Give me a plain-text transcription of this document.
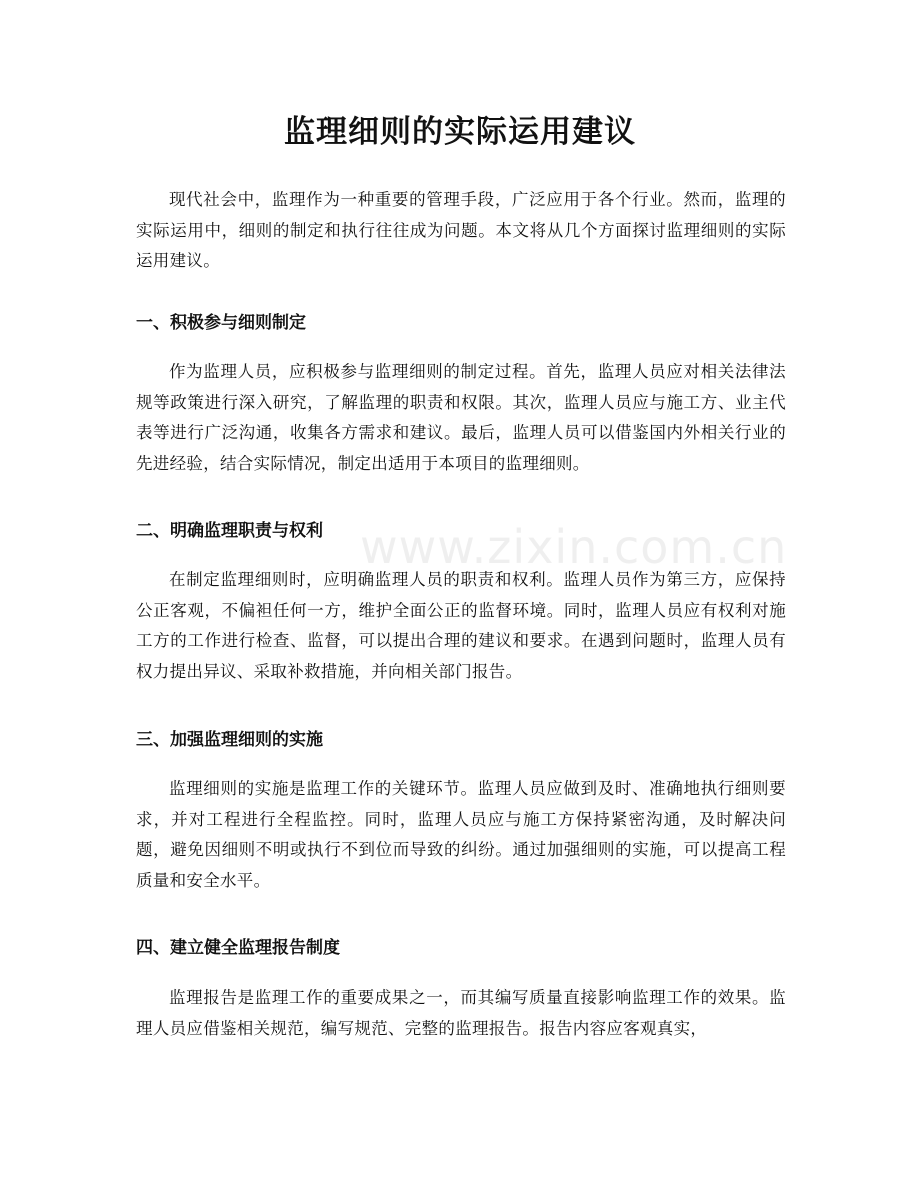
监理细则的实际运用建议
现代社会中，监理作为一种重要的管理手段，广泛应用于各个行业。然而，监理的实际运用中，细则的制定和执行往往成为问题。本文将从几个方面探讨监理细则的实际运用建议。
一、积极参与细则制定
作为监理人员，应积极参与监理细则的制定过程。首先，监理人员应对相关法律法规等政策进行深入研究，了解监理的职责和权限。其次，监理人员应与施工方、业主代表等进行广泛沟通，收集各方需求和建议。最后，监理人员可以借鉴国内外相关行业的先进经验，结合实际情况，制定出适用于本项目的监理细则。
二、明确监理职责与权利
在制定监理细则时，应明确监理人员的职责和权利。监理人员作为第三方，应保持公正客观，不偏袒任何一方，维护全面公正的监督环境。同时，监理人员应有权利对施工方的工作进行检查、监督，可以提出合理的建议和要求。在遇到问题时，监理人员有权力提出异议、采取补救措施，并向相关部门报告。
三、加强监理细则的实施
监理细则的实施是监理工作的关键环节。监理人员应做到及时、准确地执行细则要求，并对工程进行全程监控。同时，监理人员应与施工方保持紧密沟通，及时解决问题，避免因细则不明或执行不到位而导致的纠纷。通过加强细则的实施，可以提高工程质量和安全水平。
四、建立健全监理报告制度
监理报告是监理工作的重要成果之一，而其编写质量直接影响监理工作的效果。监理人员应借鉴相关规范，编写规范、完整的监理报告。报告内容应客观真实，
www.zixin.com.cn
